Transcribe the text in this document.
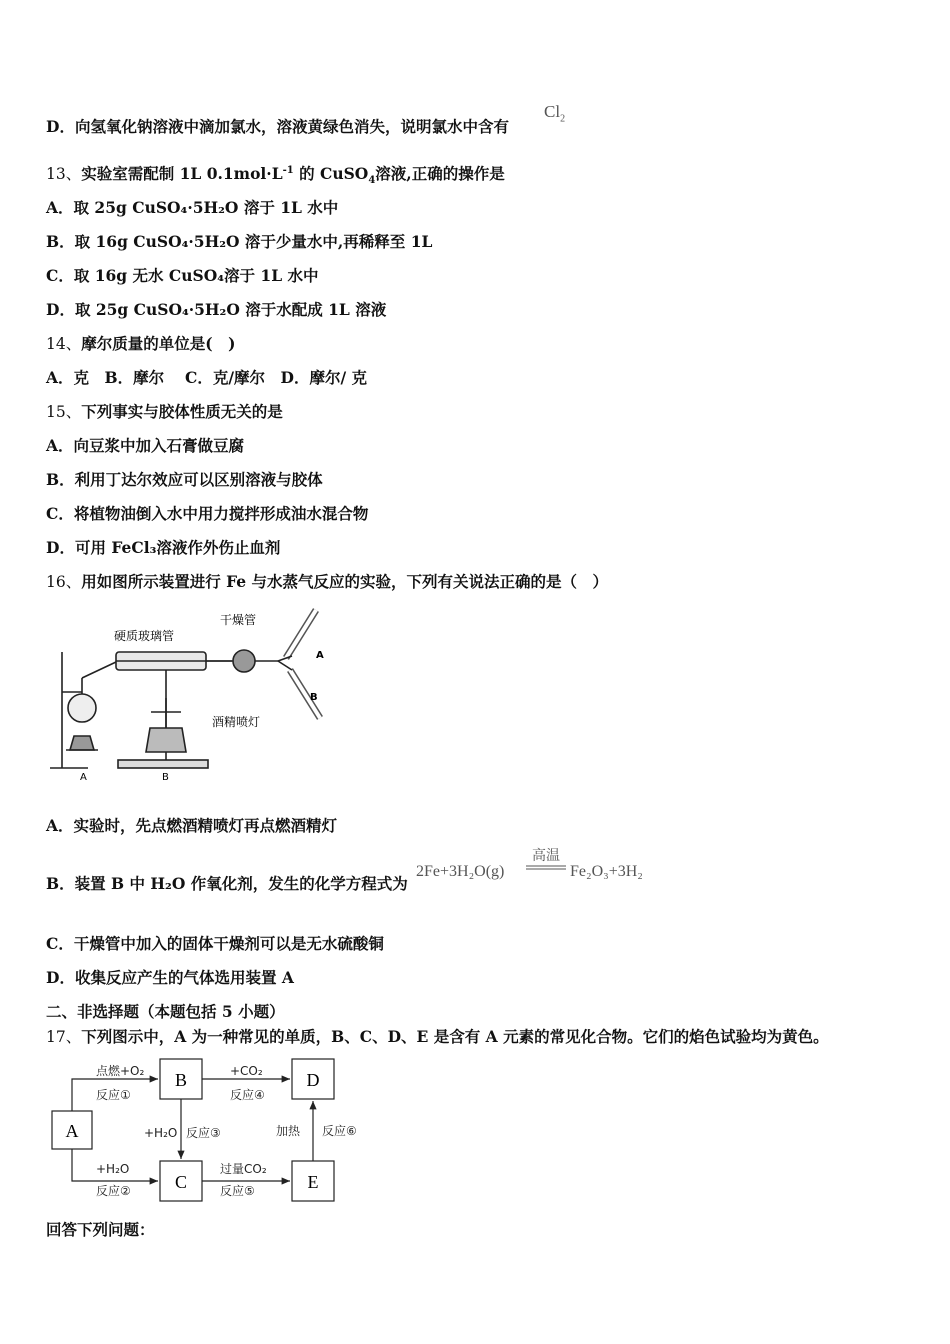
D．向氢氧化钠溶液中滴加氯水，溶液黄绿色消失，说明氯水中含有
$Cl_2$
13、实验室需配制 1L $0.1mol\cdot L^{-1}$ 的 CuSO$_4$溶液,正确的操作是
A．取 25g CuSO₄·5H₂O 溶于 1L 水中
B．取 16g CuSO₄·5H₂O 溶于少量水中,再稀释至 1L
C．取 16g 无水 CuSO₄溶于 1L 水中
D．取 25g CuSO₄·5H₂O 溶于水配成 1L 溶液
14、摩尔质量的单位是(　)
A．克　B．摩尔　 C．克/摩尔　D．摩尔/ 克
15、下列事实与胶体性质无关的是
A．向豆浆中加入石膏做豆腐
B．利用丁达尔效应可以区别溶液与胶体
C．将植物油倒入水中用力搅拌形成油水混合物
D．可用 FeCl₃溶液作外伤止血剂
16、用如图所示装置进行 Fe 与水蒸气反应的实验，下列有关说法正确的是（　）
硬质玻璃管
干燥管
酒精喷灯
A	B
A
B
A．实验时，先点燃酒精喷灯再点燃酒精灯
B．装置 B 中 H₂O 作氧化剂，发生的化学方程式为
2Fe+3H₂O(g)
高温
Fe₂O₃+3H₂
C．干燥管中加入的固体干燥剂可以是无水硫酸铜
D．收集反应产生的气体选用装置 A
二、非选择题（本题包括 5 小题）
17、下列图示中，A 为一种常见的单质，B、C、D、E 是含有 A 元素的常见化合物。它们的焰色试验均为黄色。
A
B
C
D
E
点燃+O₂
反应①
+H₂O
反应②
+H₂O 反应③
+CO₂
反应④
过量CO₂
反应⑤
加热 反应⑥
回答下列问题：
